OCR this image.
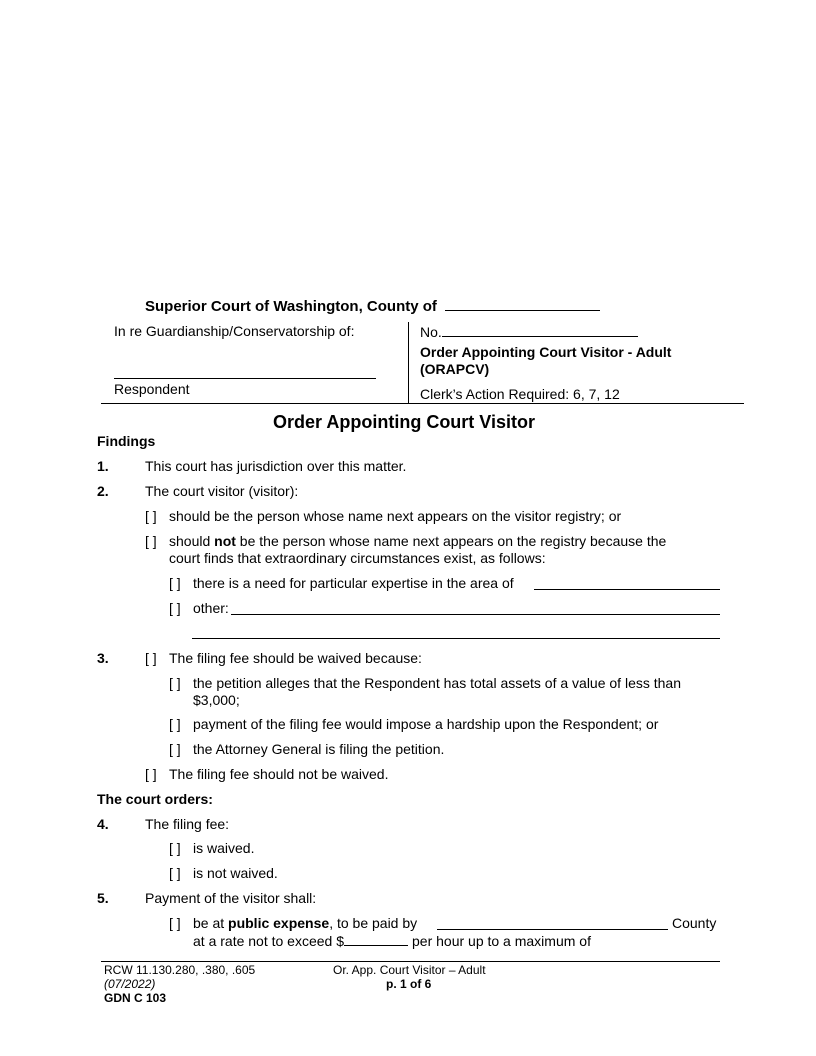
Superior Court of Washington, County of
In re Guardianship/Conservatorship of:
Respondent
No.
Order Appointing Court Visitor - Adult
(ORAPCV)
Clerk’s Action Required: 6, 7, 12
Order Appointing Court Visitor
Findings
1.	This court has jurisdiction over this matter.
2.	The court visitor (visitor):
[ ] should be the person whose name next appears on the visitor registry; or
[ ] should not be the person whose name next appears on the registry because the
court finds that extraordinary circumstances exist, as follows:
[ ] there is a need for particular expertise in the area of
[ ] other:
3.	[ ] The filing fee should be waived because:
[ ] the petition alleges that the Respondent has total assets of a value of less than
$3,000;
[ ] payment of the filing fee would impose a hardship upon the Respondent; or
[ ] the Attorney General is filing the petition.
[ ] The filing fee should not be waived.
The court orders:
4.	The filing fee:
[ ] is waived.
[ ] is not waived.
5.	Payment of the visitor shall:
[ ] be at public expense, to be paid by	County
at a rate not to exceed $	per hour up to a maximum of
RCW 11.130.280, .380, .605
(07/2022)
GDN C 103
Or. App. Court Visitor – Adult
p. 1 of 6
